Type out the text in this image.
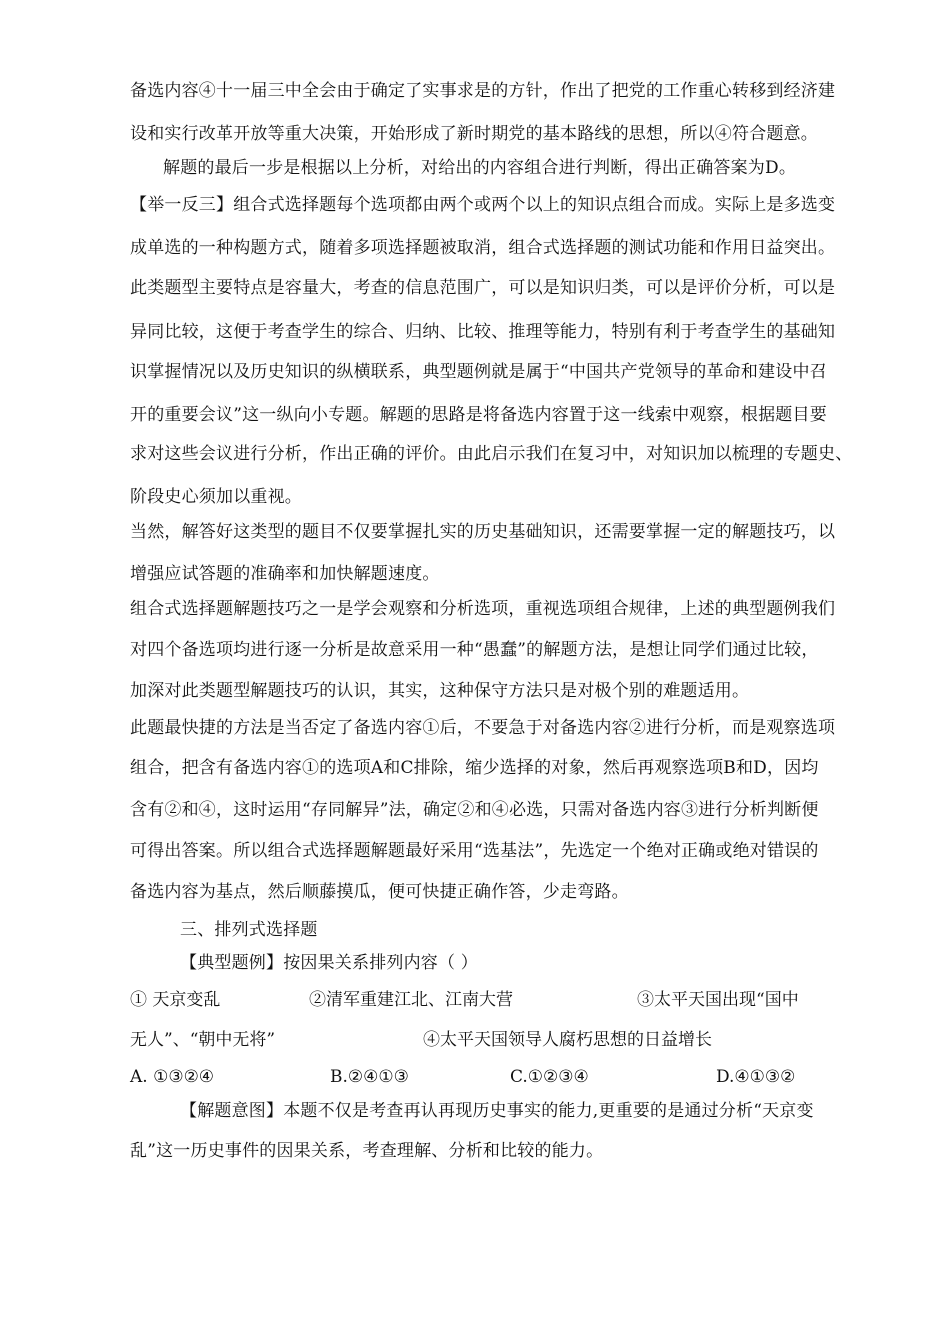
备选内容④十一届三中全会由于确定了实事求是的方针，作出了把党的工作重心转移到经济建
设和实行改革开放等重大决策，开始形成了新时期党的基本路线的思想，所以④符合题意。
解题的最后一步是根据以上分析，对给出的内容组合进行判断，得出正确答案为D。
【举一反三】组合式选择题每个选项都由两个或两个以上的知识点组合而成。实际上是多选变
成单选的一种构题方式，随着多项选择题被取消，组合式选择题的测试功能和作用日益突出。
此类题型主要特点是容量大，考查的信息范围广，可以是知识归类，可以是评价分析，可以是
异同比较，这便于考查学生的综合、归纳、比较、推理等能力，特别有利于考查学生的基础知
识掌握情况以及历史知识的纵横联系，典型题例就是属于“中国共产党领导的革命和建设中召
开的重要会议”这一纵向小专题。解题的思路是将备选内容置于这一线索中观察，根据题目要
求对这些会议进行分析，作出正确的评价。由此启示我们在复习中，对知识加以梳理的专题史、
阶段史心须加以重视。
当然，解答好这类型的题目不仅要掌握扎实的历史基础知识，还需要掌握一定的解题技巧，以
增强应试答题的准确率和加快解题速度。
组合式选择题解题技巧之一是学会观察和分析选项，重视选项组合规律，上述的典型题例我们
对四个备选项均进行逐一分析是故意采用一种“愚蠢”的解题方法，是想让同学们通过比较，
加深对此类题型解题技巧的认识，其实，这种保守方法只是对极个别的难题适用。
此题最快捷的方法是当否定了备选内容①后，不要急于对备选内容②进行分析，而是观察选项
组合，把含有备选内容①的选项A和C排除，缩少选择的对象，然后再观察选项B和D，因均
含有②和④，这时运用“存同解异”法，确定②和④必选，只需对备选内容③进行分析判断便
可得出答案。所以组合式选择题解题最好采用“选基法”，先选定一个绝对正确或绝对错误的
备选内容为基点，然后顺藤摸瓜，便可快捷正确作答，少走弯路。
三、排列式选择题
【典型题例】按因果关系排列内容（ ）
① 天京变乱	②清军重建江北、江南大营	③太平天国出现“国中
无人”、“朝中无将”	④太平天国领导人腐朽思想的日益增长
A. ①③②④	B.②④①③	C.①②③④	D.④①③②
【解题意图】本题不仅是考查再认再现历史事实的能力,更重要的是通过分析“天京变
乱”这一历史事件的因果关系，考查理解、分析和比较的能力。
